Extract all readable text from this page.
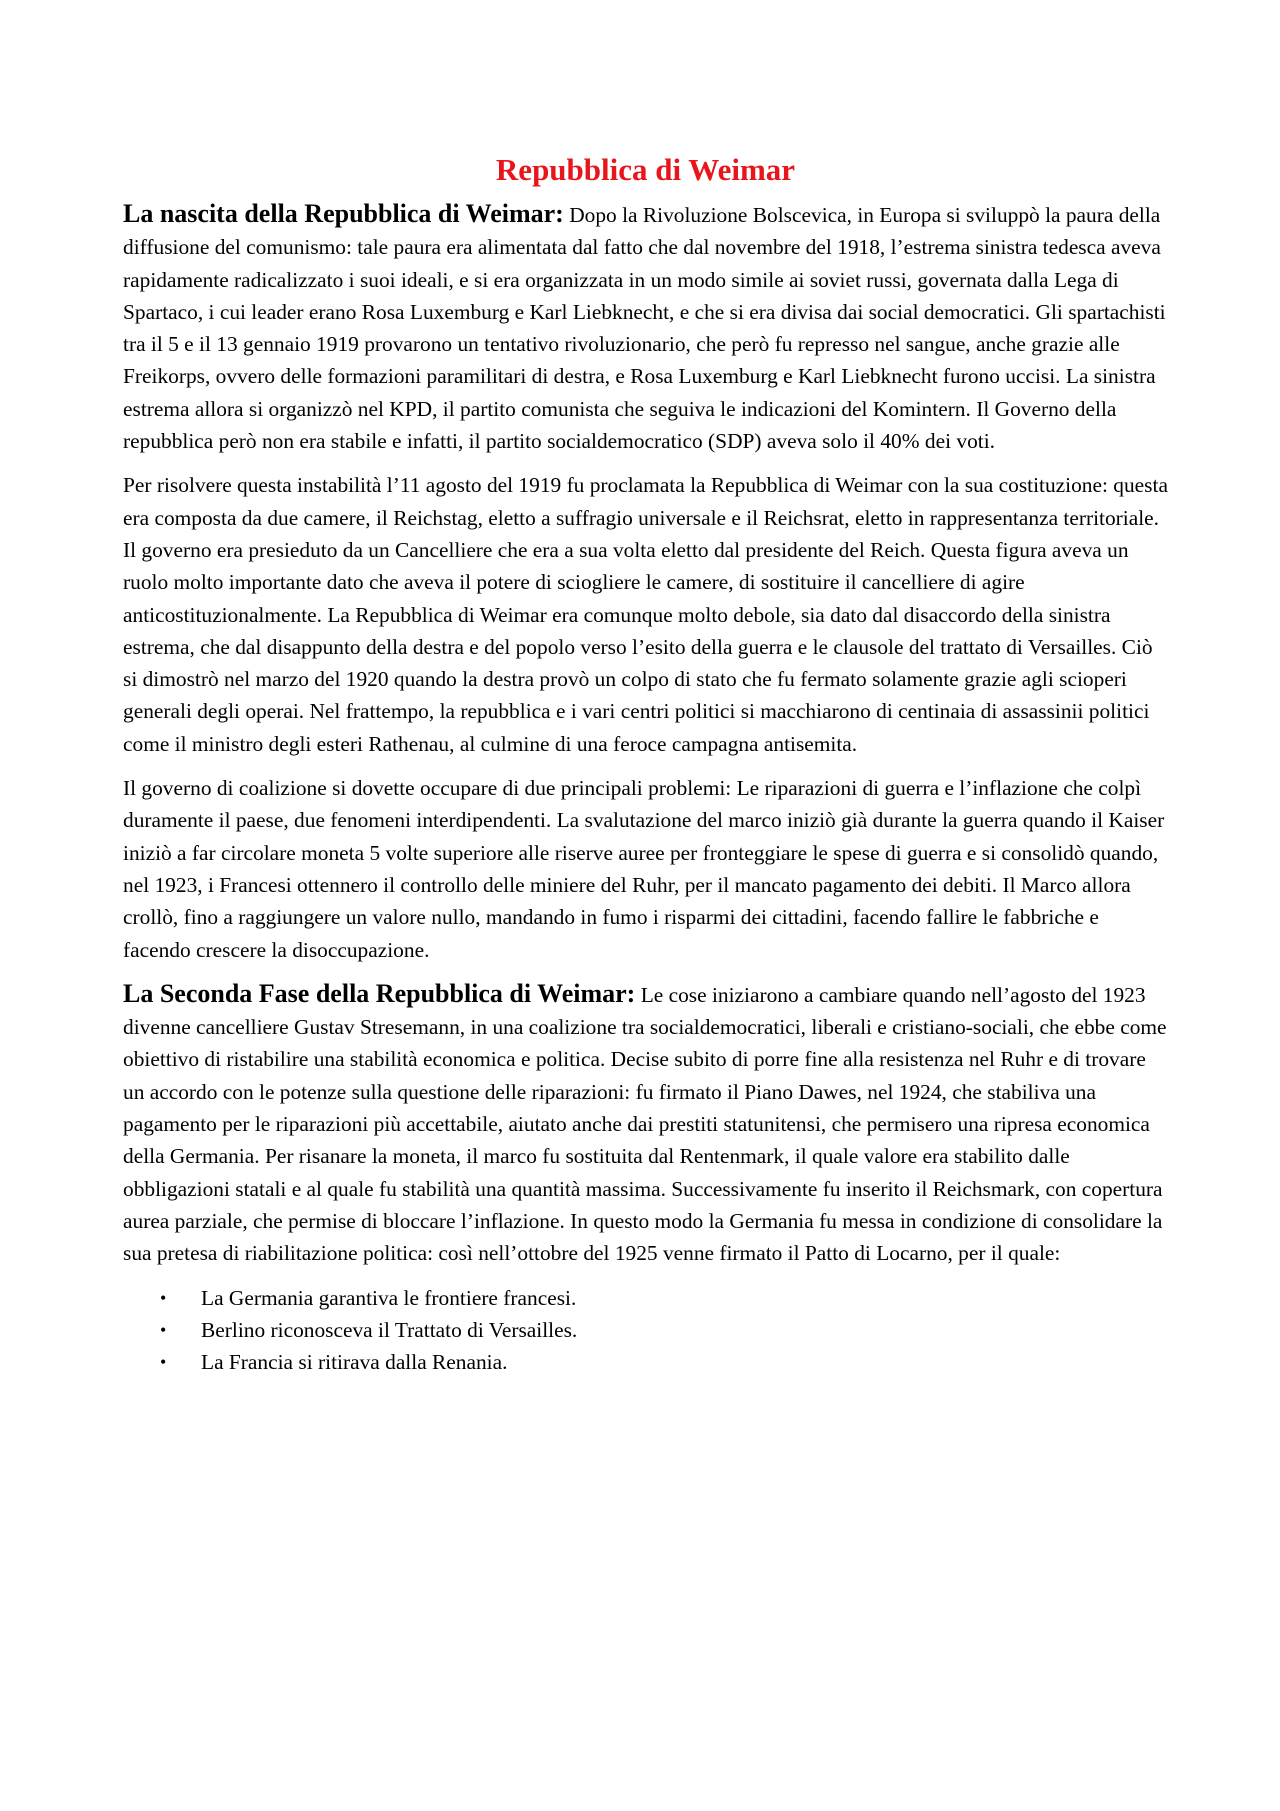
Repubblica di Weimar

La nascita della Repubblica di Weimar: Dopo la Rivoluzione Bolscevica, in Europa si sviluppò la paura della diffusione del comunismo: tale paura era alimentata dal fatto che dal novembre del 1918, l’estrema sinistra tedesca aveva rapidamente radicalizzato i suoi ideali, e si era organizzata in un modo simile ai soviet russi, governata dalla Lega di Spartaco, i cui leader erano Rosa Luxemburg e Karl Liebknecht, e che si era divisa dai social democratici. Gli spartachisti tra il 5 e il 13 gennaio 1919 provarono un tentativo rivoluzionario, che però fu represso nel sangue, anche grazie alle Freikorps, ovvero delle formazioni paramilitari di destra, e Rosa Luxemburg e Karl Liebknecht furono uccisi. La sinistra estrema allora si organizzò nel KPD, il partito comunista che seguiva le indicazioni del Komintern. Il Governo della repubblica però non era stabile e infatti, il partito socialdemocratico (SDP) aveva solo il 40% dei voti.

Per risolvere questa instabilità l’11 agosto del 1919 fu proclamata la Repubblica di Weimar con la sua costituzione: questa era composta da due camere, il Reichstag, eletto a suffragio universale e il Reichsrat, eletto in rappresentanza territoriale. Il governo era presieduto da un Cancelliere che era a sua volta eletto dal presidente del Reich. Questa figura aveva un ruolo molto importante dato che aveva il potere di sciogliere le camere, di sostituire il cancelliere di agire anticostituzionalmente. La Repubblica di Weimar era comunque molto debole, sia dato dal disaccordo della sinistra estrema, che dal disappunto della destra e del popolo verso l’esito della guerra e le clausole del trattato di Versailles. Ciò si dimostrò nel marzo del 1920 quando la destra provò un colpo di stato che fu fermato solamente grazie agli scioperi generali degli operai. Nel frattempo, la repubblica e i vari centri politici si macchiarono di centinaia di assassinii politici come il ministro degli esteri Rathenau, al culmine di una feroce campagna antisemita.

Il governo di coalizione si dovette occupare di due principali problemi: Le riparazioni di guerra e l’inflazione che colpì duramente il paese, due fenomeni interdipendenti. La svalutazione del marco iniziò già durante la guerra quando il Kaiser iniziò a far circolare moneta 5 volte superiore alle riserve auree per fronteggiare le spese di guerra e si consolidò quando, nel 1923, i Francesi ottennero il controllo delle miniere del Ruhr, per il mancato pagamento dei debiti. Il Marco allora crollò, fino a raggiungere un valore nullo, mandando in fumo i risparmi dei cittadini, facendo fallire le fabbriche e facendo crescere la disoccupazione.

La Seconda Fase della Repubblica di Weimar: Le cose iniziarono a cambiare quando nell’agosto del 1923 divenne cancelliere Gustav Stresemann, in una coalizione tra socialdemocratici, liberali e cristiano-sociali, che ebbe come obiettivo di ristabilire una stabilità economica e politica. Decise subito di porre fine alla resistenza nel Ruhr e di trovare un accordo con le potenze sulla questione delle riparazioni: fu firmato il Piano Dawes, nel 1924, che stabiliva una pagamento per le riparazioni più accettabile, aiutato anche dai prestiti statunitensi, che permisero una ripresa economica della Germania. Per risanare la moneta, il marco fu sostituita dal Rentenmark, il quale valore era stabilito dalle obbligazioni statali e al quale fu stabilità una quantità massima. Successivamente fu inserito il Reichsmark, con copertura aurea parziale, che permise di bloccare l’inflazione. In questo modo la Germania fu messa in condizione di consolidare la sua pretesa di riabilitazione politica: così nell’ottobre del 1925 venne firmato il Patto di Locarno, per il quale:

• La Germania garantiva le frontiere francesi.
• Berlino riconosceva il Trattato di Versailles.
• La Francia si ritirava dalla Renania.
